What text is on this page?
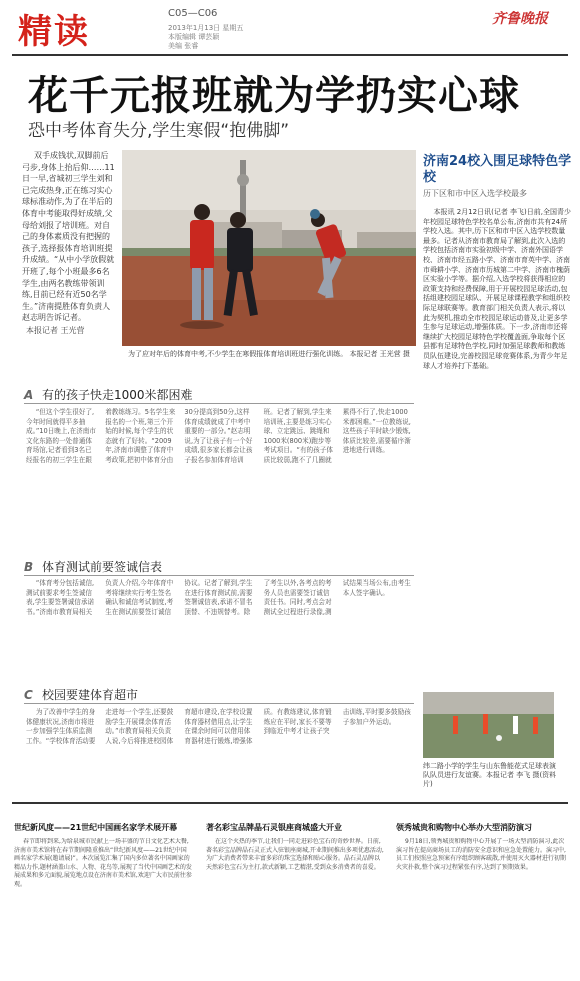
精读	C05—C06
2013年1月13日 星期五
本版编辑 谭芸颖
美编 张睿
齐鲁晚报
花千元报班就为学扔实心球
恐中考体育失分,学生寒假“抱佛脚”
双手成钱状,双脚前后弓步,身体上抬后仰……11日一早,省城初三学生刘和已完成热身,正在练习实心球标准动作,为了在半后的体育中考能取得好成绩,父母给刘报了培训班。对自己的身体素质没有把握的孩子,选择报体育培训班提升成绩。“从中小学放假就开班了,每个小班最多6名学生,由两名教练带领训练,目前已经有近50名学生。”济南提胜体育负责人赵志明告诉记者。
本报记者 王光营
为了应对年后的体育中考,不少学生在寒假报体育培训班进行强化训练。 本报记者 王光营 摄
A 有的孩子快走1000米都困难
“但这个学生很好了,今年时间就得平多抽成。”10日晚上,在济南市文化东路的一处普通体育场馆,记者看到3名已经报名的初三学生在跟着教练练习。5名学生来报名的一个班,第三个开始的时候,每个学生的状态就有了好转。“2009年,济南市调整了体育中考政策,把初中体育分由30分提高到50分,这样体育成绩就成了中考中重要的一部分。”赵志明说,为了让孩子有一个好成绩,很多家长都会让孩子报名参加体育培训班。记者了解到,学生来培训班,主要是练习实心球、立定跳远、跳绳和1000米(800米)跑步等考试项目。“有的孩子体质比较弱,跑不了几圈就累得不行了,快走1000米都困难。”一位教练说,这些孩子平时缺少锻炼,体质比较差,需要循序渐进地进行训练。
B 体育测试前要签诚信表
“体育考分包括诚信,测试前要求考生签诚信表,学生要签署诚信承诺书。”济南市教育局相关负责人介绍,今年体育中考将继续实行考生签名确认和诚信考试制度,考生在测试前要签订诚信协议。记者了解到,学生在进行体育测试前,需要签署诚信表,承诺不冒名顶替、不违规替考。除了考生以外,各考点的考务人员也需要签订诚信责任书。同时,考点会对测试全过程进行录像,测试结果当场公布,由考生本人签字确认。
C 校园要建体育超市
为了改善中学生的身体健康状况,济南市将进一步加强学生体质监测工作。“学校体育活动要走进每一个学生,还要鼓励学生开展课余体育活动。”市教育局相关负责人说,今后将推进校园体育超市建设,在学校设置体育器材借用点,让学生在课余时间可以借用体育器材进行锻炼,增强体质。有教练建议,体育锻炼应在平时,家长不要等到临近中考才让孩子突击训练,平时要多鼓励孩子参加户外运动。
济南24校入围足球特色学校
历下区和市中区入选学校最多
本报讯 2月12日讯(记者 李飞)日前,全国青少年校园足球特色学校名单公布,济南市共有24所学校入选。其中,历下区和市中区入选学校数量最多。记者从济南市教育局了解到,此次入选的学校包括济南市实验初级中学、济南外国语学校、济南市经五路小学、济南市育英中学、济南市舜耕小学、济南市历城第二中学、济南市槐荫区实验小学等。据介绍,入选学校将获得相应的政策支持和经费保障,用于开展校园足球活动,包括组建校园足球队、开展足球课程教学和组织校际足球联赛等。教育部门相关负责人表示,将以此为契机,推动全市校园足球运动普及,让更多学生参与足球运动,增强体质。下一步,济南市还将继续扩大校园足球特色学校覆盖面,争取每个区县都有足球特色学校,同时加强足球教师和教练员队伍建设,完善校园足球竞赛体系,为青少年足球人才培养打下基础。
纬二路小学的学生与山东鲁能花式足球表演队队员进行友谊赛。本报记者 李飞 摄(资料片)
世纪新风度——21世纪中国画名家学术展开幕
春节即将到来,为给泉城市民献上一场丰盛的节日文化艺术大餐,济南市美术馆将在春节期间隆重推出“世纪新风度——21世纪中国画名家学术展(邀请展)”。本次展览汇集了国内多位著名中国画家的精品力作,题材涵盖山水、人物、花鸟等,展现了当代中国画艺术的发展成果和多元面貌,展览地点设在济南市美术馆,欢迎广大市民前往参观。
著名彩宝品牌晶石灵银座商城盛大开业
在这个火热的季节,让我们一同走进彩色宝石的奇妙世界。日前,著名彩宝品牌晶石灵正式入驻银座商城,开业期间推出多项优惠活动,为广大消费者带来丰富多彩的珠宝选择和贴心服务。晶石灵品牌以天然彩色宝石为主打,款式新颖,工艺精湛,受到众多消费者的喜爱。
领秀城贵和购物中心举办大型消防演习
9月18日,领秀城贵和购物中心开展了一场大型消防演习,此次演习旨在提高商场员工的消防安全意识和应急处置能力。演习中,员工们按照应急预案有序组织顾客疏散,并使用灭火器材进行初期火灾扑救,整个演习过程紧张有序,达到了预期效果。
